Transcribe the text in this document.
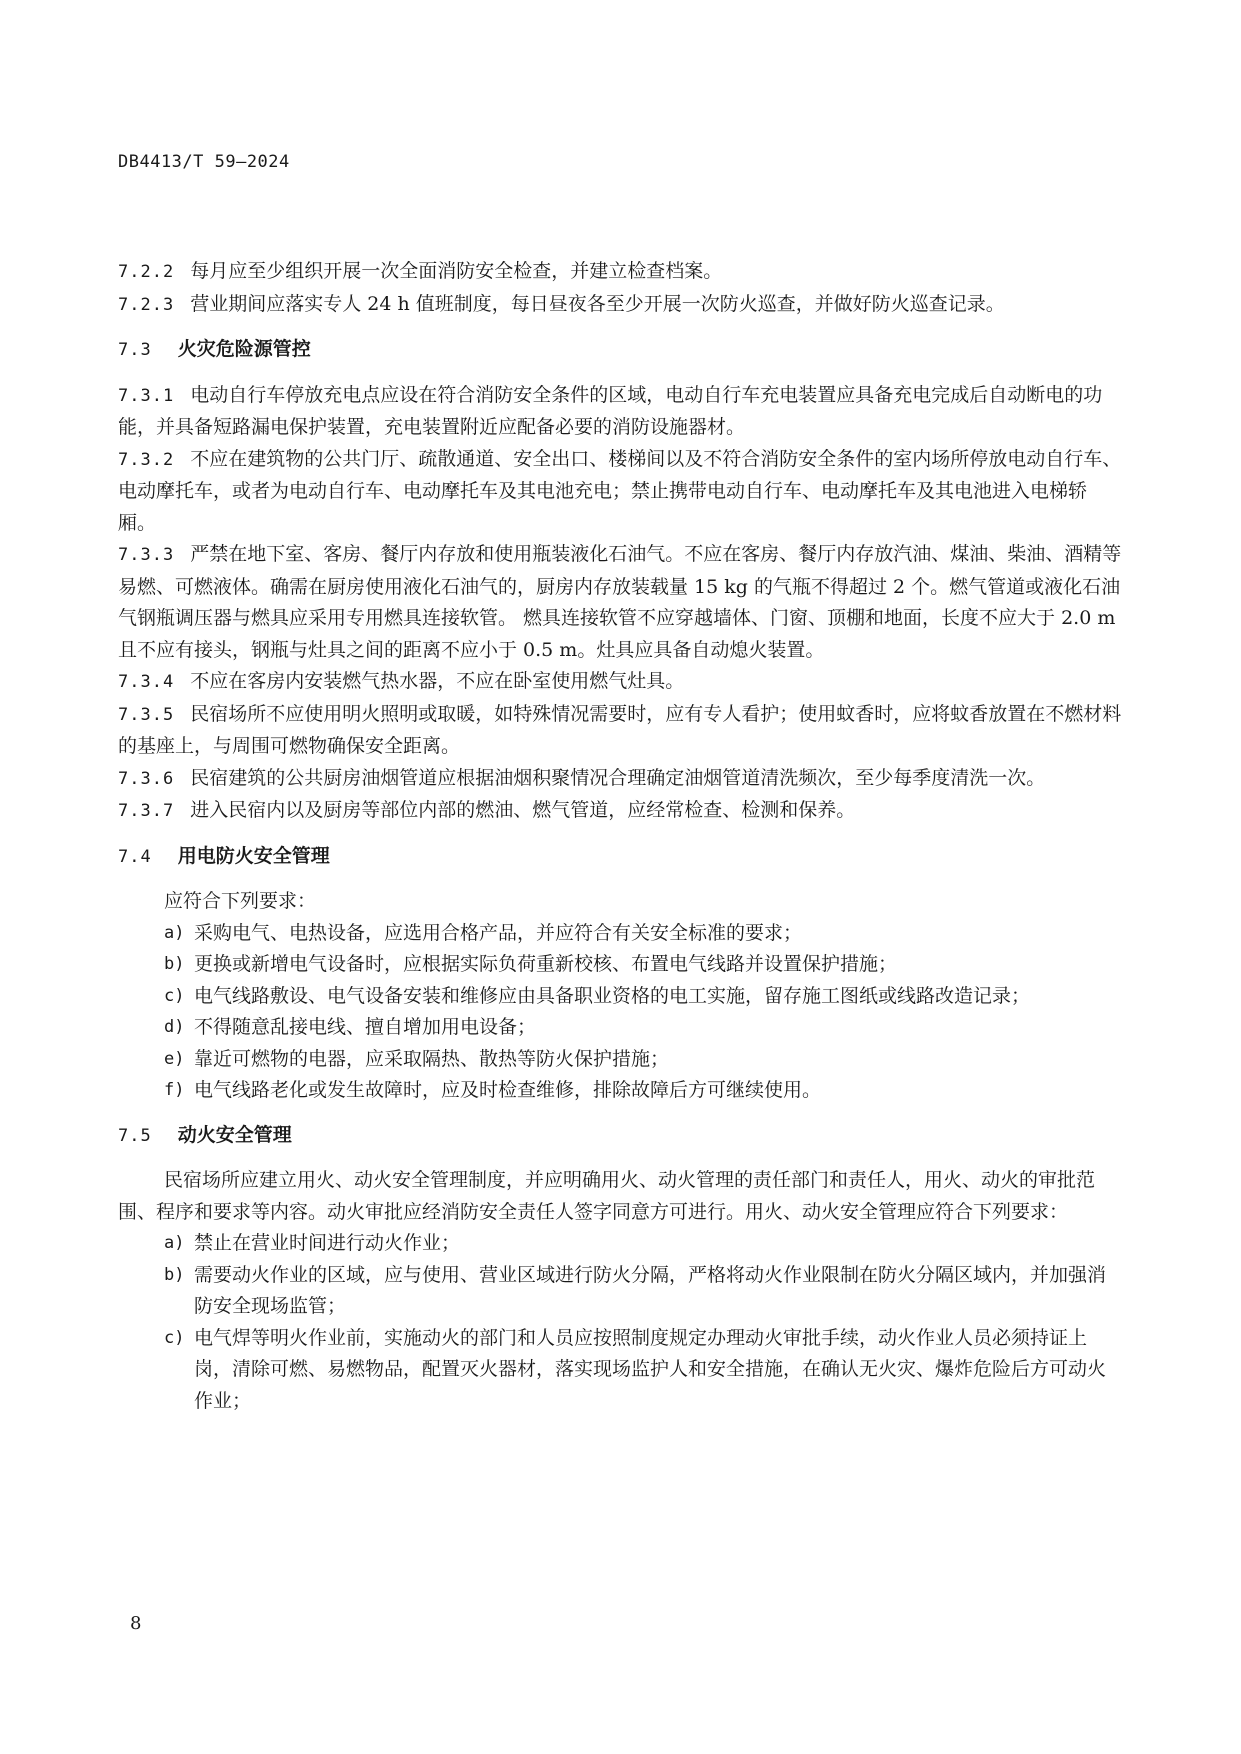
DB4413/T 59—2024

7.2.2 每月应至少组织开展一次全面消防安全检查，并建立检查档案。

7.2.3 营业期间应落实专人 24 h 值班制度，每日昼夜各至少开展一次防火巡查，并做好防火巡查记录。

7.3 火灾危险源管控

7.3.1 电动自行车停放充电点应设在符合消防安全条件的区域，电动自行车充电装置应具备充电完成后自动断电的功能，并具备短路漏电保护装置，充电装置附近应配备必要的消防设施器材。

7.3.2 不应在建筑物的公共门厅、疏散通道、安全出口、楼梯间以及不符合消防安全条件的室内场所停放电动自行车、电动摩托车，或者为电动自行车、电动摩托车及其电池充电；禁止携带电动自行车、电动摩托车及其电池进入电梯轿厢。

7.3.3 严禁在地下室、客房、餐厅内存放和使用瓶装液化石油气。不应在客房、餐厅内存放汽油、煤油、柴油、酒精等易燃、可燃液体。确需在厨房使用液化石油气的，厨房内存放装载量 15 kg 的气瓶不得超过 2 个。燃气管道或液化石油气钢瓶调压器与燃具应采用专用燃具连接软管。 燃具连接软管不应穿越墙体、门窗、顶棚和地面，长度不应大于 2.0 m 且不应有接头，钢瓶与灶具之间的距离不应小于 0.5 m。灶具应具备自动熄火装置。

7.3.4 不应在客房内安装燃气热水器，不应在卧室使用燃气灶具。

7.3.5 民宿场所不应使用明火照明或取暖，如特殊情况需要时，应有专人看护；使用蚊香时，应将蚊香放置在不燃材料的基座上，与周围可燃物确保安全距离。

7.3.6 民宿建筑的公共厨房油烟管道应根据油烟积聚情况合理确定油烟管道清洗频次，至少每季度清洗一次。

7.3.7 进入民宿内以及厨房等部位内部的燃油、燃气管道，应经常检查、检测和保养。

7.4 用电防火安全管理

应符合下列要求：

a) 采购电气、电热设备，应选用合格产品，并应符合有关安全标准的要求；
b) 更换或新增电气设备时，应根据实际负荷重新校核、布置电气线路并设置保护措施；
c) 电气线路敷设、电气设备安装和维修应由具备职业资格的电工实施，留存施工图纸或线路改造记录；
d) 不得随意乱接电线、擅自增加用电设备；
e) 靠近可燃物的电器，应采取隔热、散热等防火保护措施；
f) 电气线路老化或发生故障时，应及时检查维修，排除故障后方可继续使用。
7.5 动火安全管理

民宿场所应建立用火、动火安全管理制度，并应明确用火、动火管理的责任部门和责任人，用火、动火的审批范围、程序和要求等内容。动火审批应经消防安全责任人签字同意方可进行。用火、动火安全管理应符合下列要求：

a) 禁止在营业时间进行动火作业；
b) 需要动火作业的区域，应与使用、营业区域进行防火分隔，严格将动火作业限制在防火分隔区域内，并加强消防安全现场监管；
c) 电气焊等明火作业前，实施动火的部门和人员应按照制度规定办理动火审批手续，动火作业人员必须持证上岗，清除可燃、易燃物品，配置灭火器材，落实现场监护人和安全措施，在确认无火灾、爆炸危险后方可动火作业；
8
